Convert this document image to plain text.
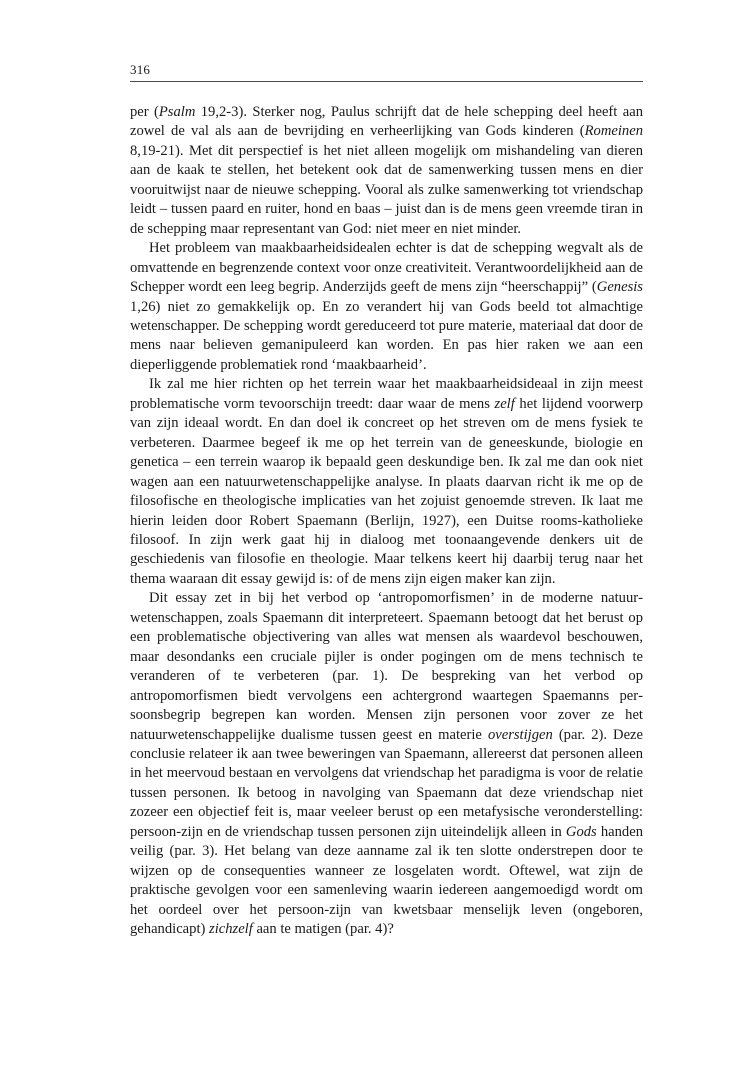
316

per (Psalm 19,2-3). Sterker nog, Paulus schrijft dat de hele schepping deel heeft aan zowel de val als aan de bevrijding en verheerlijking van Gods kinderen (Romeinen 8,19-21). Met dit perspectief is het niet alleen mogelijk om mishandeling van dieren aan de kaak te stellen, het betekent ook dat de samenwerking tussen mens en dier vooruitwijst naar de nieuwe schepping. Vooral als zulke samenwerking tot vriendschap leidt – tussen paard en ruiter, hond en baas – juist dan is de mens geen vreemde tiran in de schepping maar representant van God: niet meer en niet minder.

Het probleem van maakbaarheidsidealen echter is dat de schepping wegvalt als de omvattende en begrenzende context voor onze creativiteit. Verantwoordelijkheid aan de Schepper wordt een leeg begrip. Anderzijds geeft de mens zijn “heerschappij” (Genesis 1,26) niet zo gemakkelijk op. En zo verandert hij van Gods beeld tot almachtige wetenschapper. De schepping wordt gereduceerd tot pure materie, materiaal dat door de mens naar believen gemanipuleerd kan worden. En pas hier raken we aan een dieperliggende problematiek rond ‘maakbaarheid’.

Ik zal me hier richten op het terrein waar het maakbaarheidsideaal in zijn meest problematische vorm tevoorschijn treedt: daar waar de mens zelf het lijdend voorwerp van zijn ideaal wordt. En dan doel ik concreet op het streven om de mens fysiek te verbeteren. Daarmee begeef ik me op het terrein van de geneeskunde, biologie en genetica – een terrein waarop ik bepaald geen deskundige ben. Ik zal me dan ook niet wagen aan een natuurwetenschappelijke analyse. In plaats daarvan richt ik me op de filosofische en theologische implicaties van het zojuist genoemde streven. Ik laat me hierin leiden door Robert Spaemann (Berlijn, 1927), een Duitse rooms-katholieke filosoof. In zijn werk gaat hij in dialoog met toonaangevende denkers uit de geschiedenis van filosofie en theologie. Maar telkens keert hij daarbij terug naar het thema waaraan dit essay gewijd is: of de mens zijn eigen maker kan zijn.

Dit essay zet in bij het verbod op ‘antropomorfismen’ in de moderne natuurwetenschappen, zoals Spaemann dit interpreteert. Spaemann betoogt dat het berust op een problematische objectivering van alles wat mensen als waardevol beschouwen, maar desondanks een cruciale pijler is onder pogingen om de mens technisch te veranderen of te verbeteren (par. 1). De bespreking van het verbod op antropomorfismen biedt vervolgens een achtergrond waartegen Spaemanns persoonsbegrip begrepen kan worden. Mensen zijn personen voor zover ze het natuurwetenschappelijke dualisme tussen geest en materie overstijgen (par. 2). Deze conclusie relateer ik aan twee beweringen van Spaemann, allereerst dat personen alleen in het meervoud bestaan en vervolgens dat vriendschap het paradigma is voor de relatie tussen personen. Ik betoog in navolging van Spaemann dat deze vriendschap niet zozeer een objectief feit is, maar veeleer berust op een metafysische veronderstelling: persoon-zijn en de vriendschap tussen personen zijn uiteindelijk alleen in Gods handen veilig (par. 3). Het belang van deze aanname zal ik ten slotte onderstrepen door te wijzen op de consequenties wanneer ze losgelaten wordt. Oftewel, wat zijn de praktische gevolgen voor een samenleving waarin iedereen aangemoedigd wordt om het oordeel over het persoon-zijn van kwetsbaar menselijk leven (ongeboren, gehandicapt) zichzelf aan te matigen (par. 4)?
